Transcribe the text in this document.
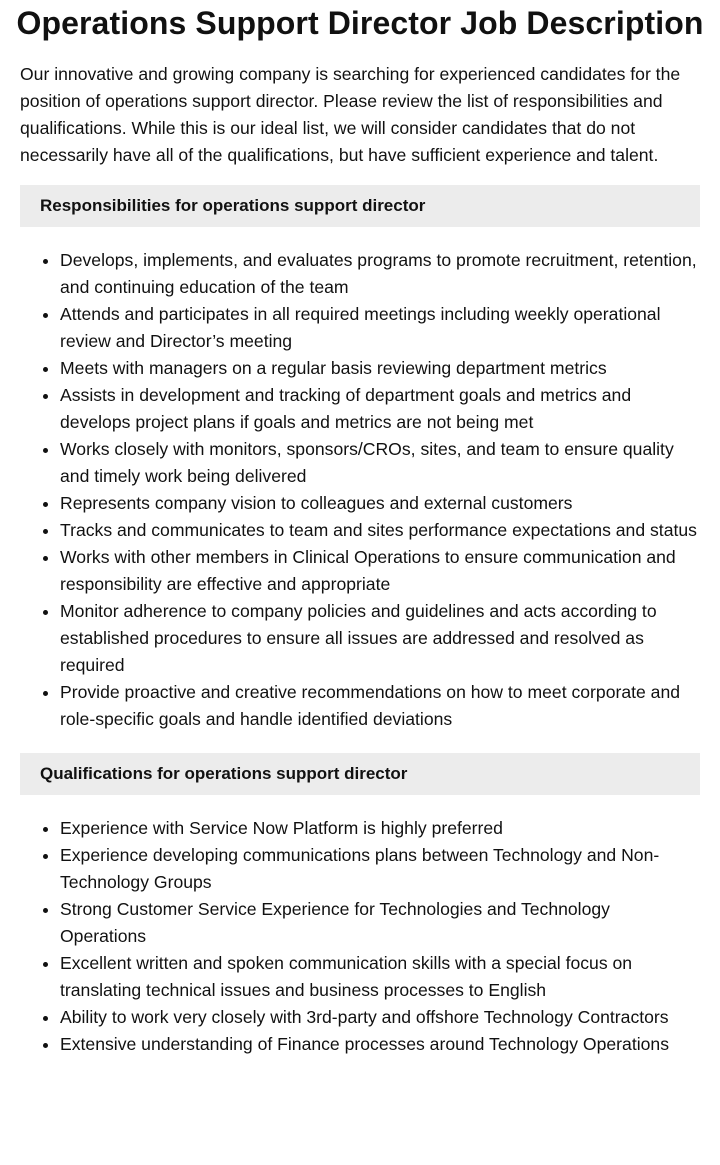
Operations Support Director Job Description

Our innovative and growing company is searching for experienced candidates for the position of operations support director. Please review the list of responsibilities and qualifications. While this is our ideal list, we will consider candidates that do not necessarily have all of the qualifications, but have sufficient experience and talent.

Responsibilities for operations support director
• Develops, implements, and evaluates programs to promote recruitment, retention, and continuing education of the team
• Attends and participates in all required meetings including weekly operational review and Director’s meeting
• Meets with managers on a regular basis reviewing department metrics
• Assists in development and tracking of department goals and metrics and develops project plans if goals and metrics are not being met
• Works closely with monitors, sponsors/CROs, sites, and team to ensure quality and timely work being delivered
• Represents company vision to colleagues and external customers
• Tracks and communicates to team and sites performance expectations and status
• Works with other members in Clinical Operations to ensure communication and responsibility are effective and appropriate
• Monitor adherence to company policies and guidelines and acts according to established procedures to ensure all issues are addressed and resolved as required
• Provide proactive and creative recommendations on how to meet corporate and role-specific goals and handle identified deviations
Qualifications for operations support director
• Experience with Service Now Platform is highly preferred
• Experience developing communications plans between Technology and Non-Technology Groups
• Strong Customer Service Experience for Technologies and Technology Operations
• Excellent written and spoken communication skills with a special focus on translating technical issues and business processes to English
• Ability to work very closely with 3rd-party and offshore Technology Contractors
• Extensive understanding of Finance processes around Technology Operations
